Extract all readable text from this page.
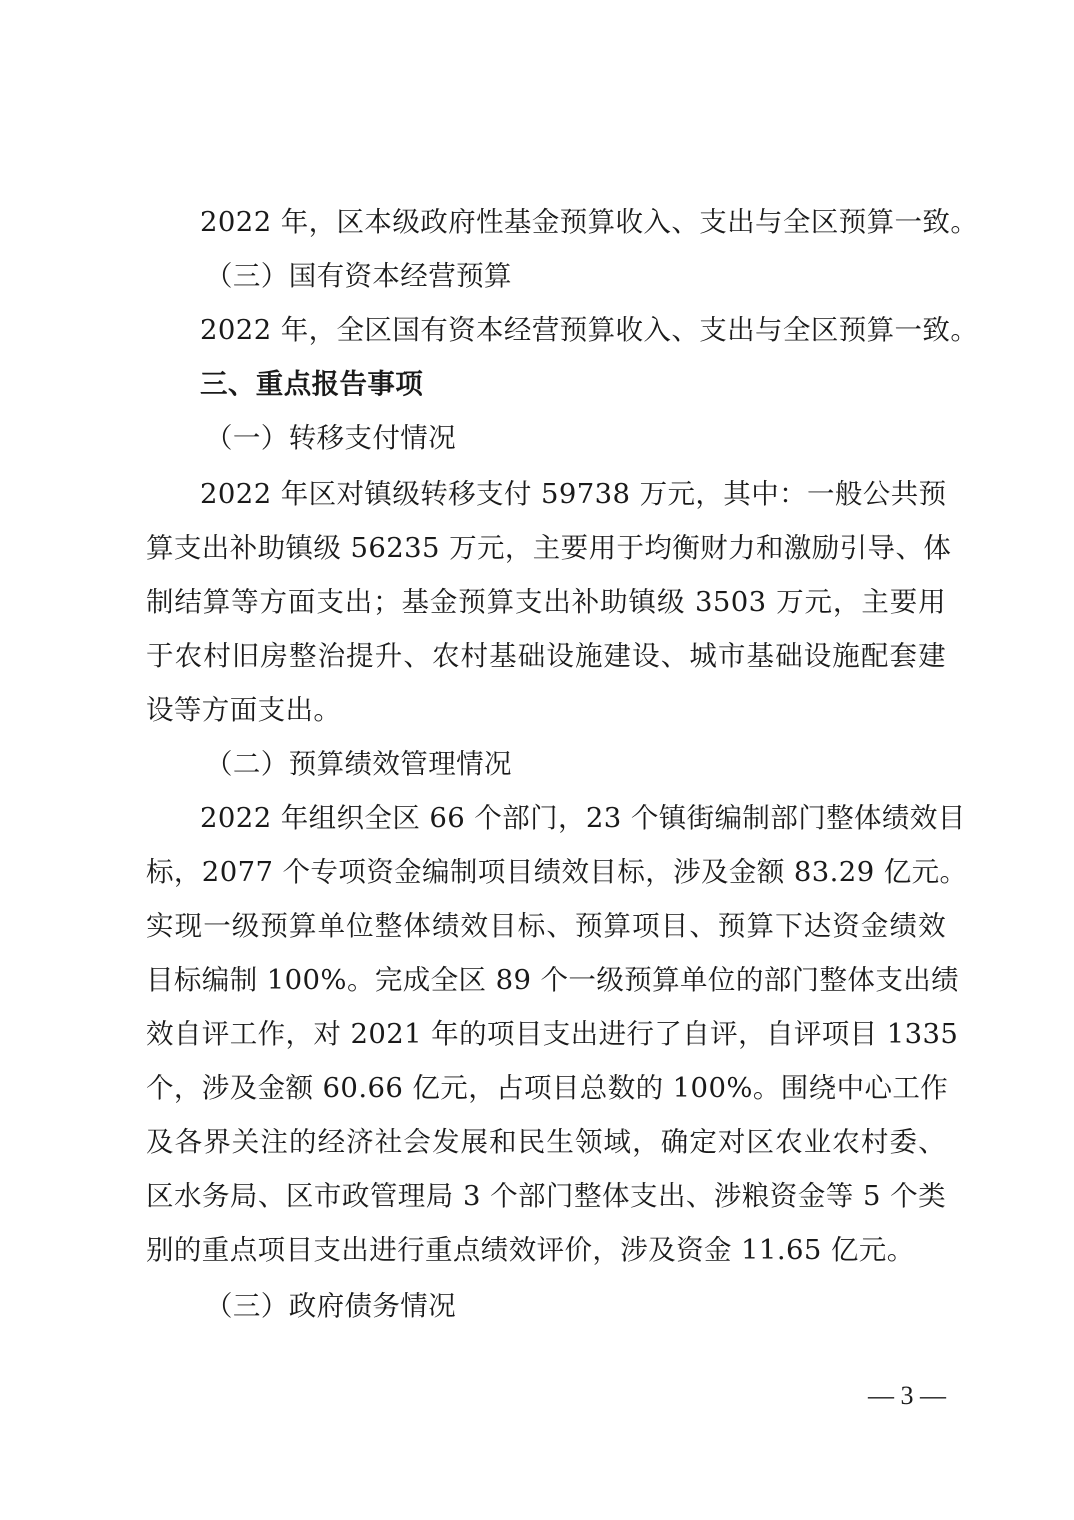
2022 年，区本级政府性基金预算收入、支出与全区预算一致。
（三）国有资本经营预算
2022 年，全区国有资本经营预算收入、支出与全区预算一致。
三、重点报告事项
（一）转移支付情况
2022 年区对镇级转移支付 59738 万元，其中：一般公共预
算支出补助镇级 56235 万元，主要用于均衡财力和激励引导、体
制结算等方面支出；基金预算支出补助镇级 3503 万元，主要用
于农村旧房整治提升、农村基础设施建设、城市基础设施配套建
设等方面支出。
（二）预算绩效管理情况
2022 年组织全区 66 个部门，23 个镇街编制部门整体绩效目
标，2077 个专项资金编制项目绩效目标，涉及金额 83.29 亿元。
实现一级预算单位整体绩效目标、预算项目、预算下达资金绩效
目标编制 100%。完成全区 89 个一级预算单位的部门整体支出绩
效自评工作，对 2021 年的项目支出进行了自评，自评项目 1335
个，涉及金额 60.66 亿元，占项目总数的 100%。围绕中心工作
及各界关注的经济社会发展和民生领域，确定对区农业农村委、
区水务局、区市政管理局 3 个部门整体支出、涉粮资金等 5 个类
别的重点项目支出进行重点绩效评价，涉及资金 11.65 亿元。
（三）政府债务情况
— 3 —
